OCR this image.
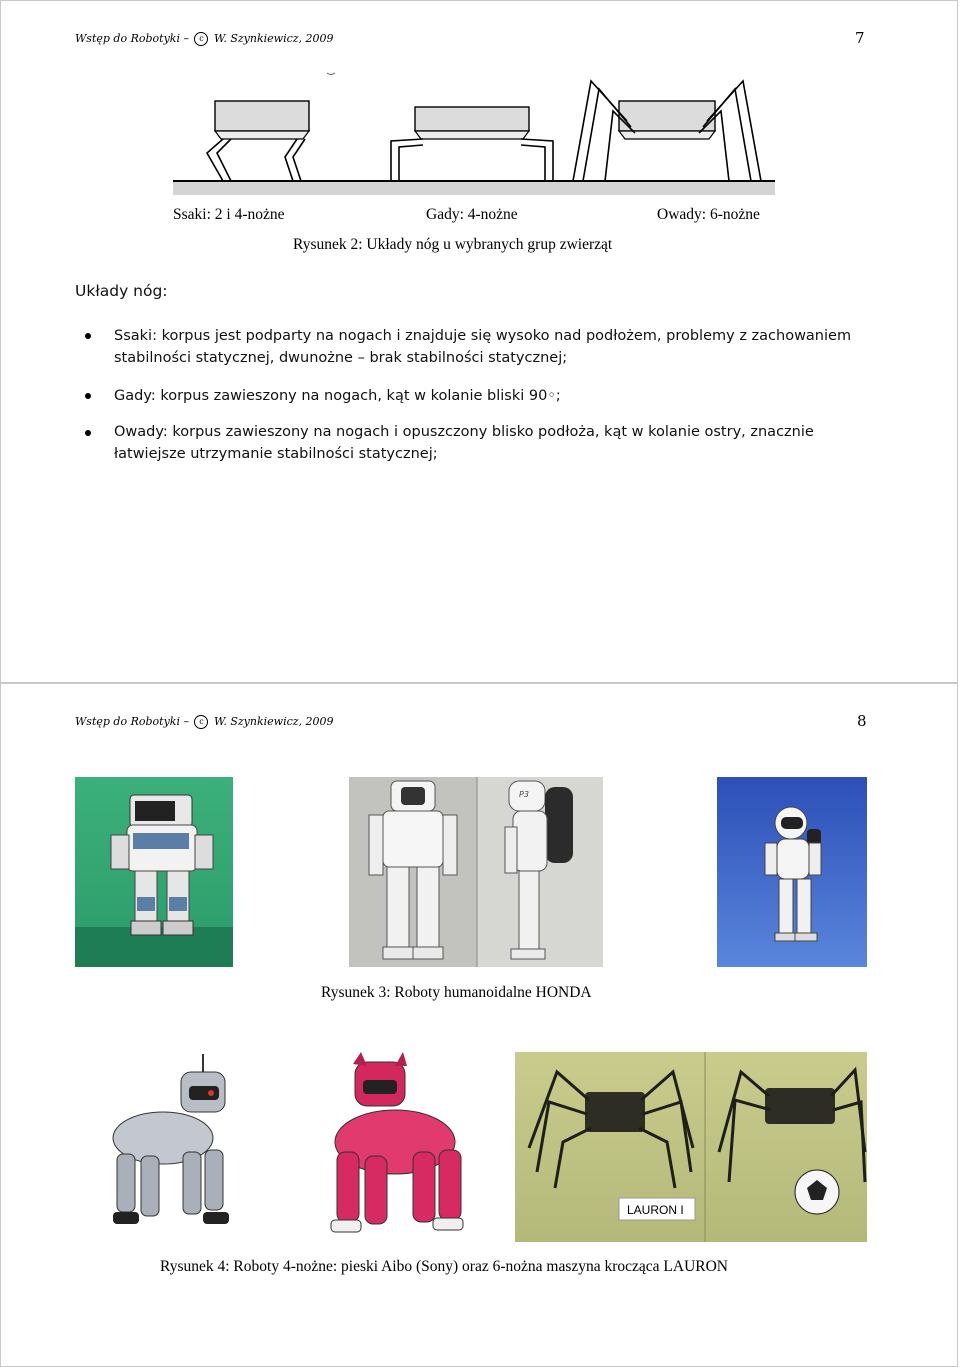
Wstęp do Robotyki – c W. Szynkiewicz, 2009	7
Ssaki: 2 i 4-nożne	Gady: 4-nożne	Owady: 6-nożne
Rysunek 2: Układy nóg u wybranych grup zwierząt
Układy nóg:
Ssaki: korpus jest podparty na nogach i znajduje się wysoko nad podłożem, problemy z zachowaniem stabilności statycznej, dwunożne – brak stabilności statycznej;
Gady: korpus zawieszony na nogach, kąt w kolanie bliski 90◦;
Owady: korpus zawieszony na nogach i opuszczony blisko podłoża, kąt w kolanie ostry, znacznie łatwiejsze utrzymanie stabilności statycznej;
Wstęp do Robotyki – c W. Szynkiewicz, 2009	8
P3
Rysunek 3: Roboty humanoidalne HONDA
LAURON I
Rysunek 4: Roboty 4-nożne: pieski Aibo (Sony) oraz 6-nożna maszyna krocząca LAURON
